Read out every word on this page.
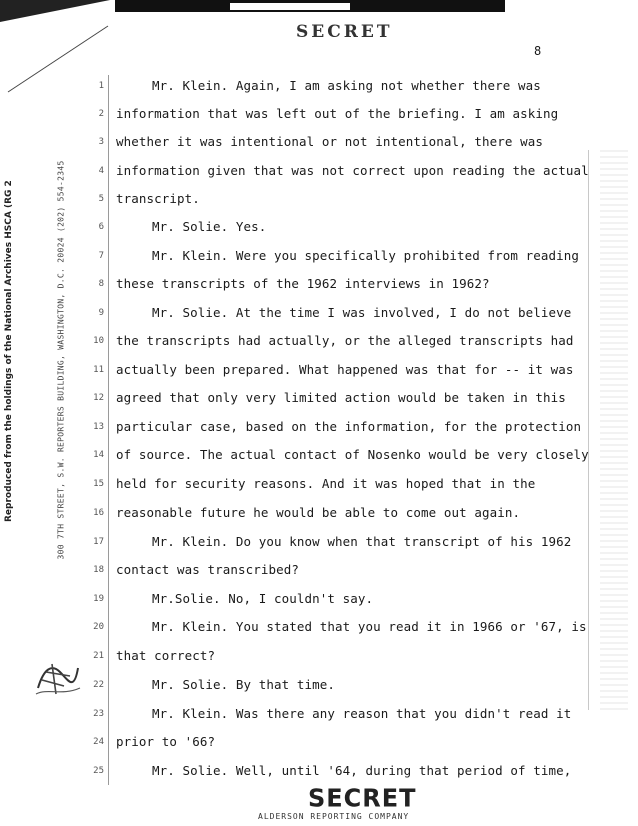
SECRET
8
Reproduced from the holdings of the National Archives HSCA (RG 2	300 7TH STREET, S.W. REPORTERS BUILDING, WASHINGTON, D.C. 20024 (202) 554-2345
1	Mr. Klein. Again, I am asking not whether there was
2 information that was left out of the briefing. I am asking
3 whether it was intentional or not intentional, there was
4 information given that was not correct upon reading the actual
5 transcript.
6	Mr. Solie. Yes.
7	Mr. Klein. Were you specifically prohibited from reading
8 these transcripts of the 1962 interviews in 1962?
9	Mr. Solie. At the time I was involved, I do not believe
10 the transcripts had actually, or the alleged transcripts had
11 actually been prepared. What happened was that for -- it was
12 agreed that only very limited action would be taken in this
13 particular case, based on the information, for the protection
14 of source. The actual contact of Nosenko would be very closely
15 held for security reasons. And it was hoped that in the
16 reasonable future he would be able to come out again.
17	Mr. Klein. Do you know when that transcript of his 1962
18 contact was transcribed?
19	Mr.Solie. No, I couldn't say.
20	Mr. Klein. You stated that you read it in 1966 or '67, is
21 that correct?
22	Mr. Solie. By that time.
23	Mr. Klein. Was there any reason that you didn't read it
24 prior to '66?
25	Mr. Solie. Well, until '64, during that period of time,
SECRET
ALDERSON REPORTING COMPANY
